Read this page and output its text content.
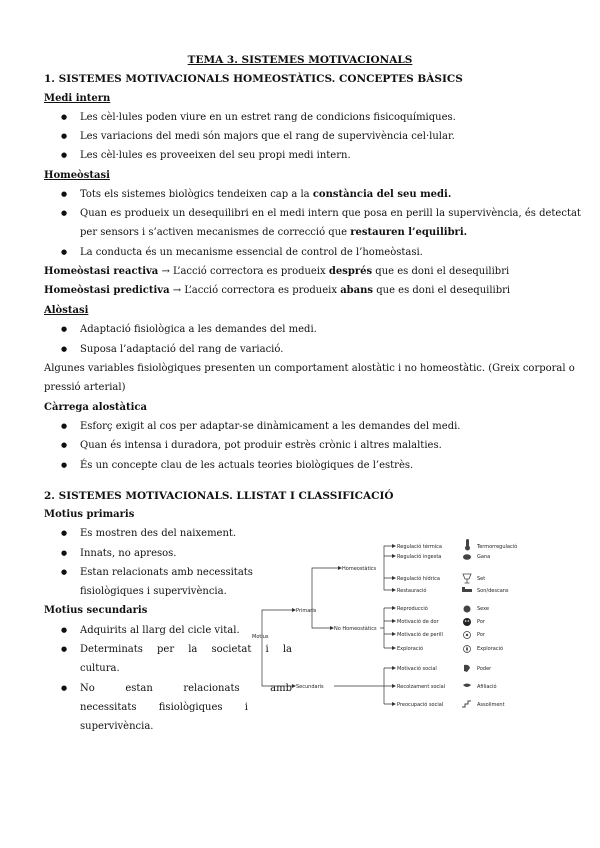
TEMA 3. SISTEMES MOTIVACIONALS
1. SISTEMES MOTIVACIONALS HOMEOSTÀTICS. CONCEPTES BÀSICS
Medi intern
● Les cèl·lules poden viure en un estret rang de condicions fisicoquímiques.
● Les variacions del medi són majors que el rang de supervivència cel·lular.
● Les cèl·lules es proveeixen del seu propi medi intern.
Homeòstasi
● Tots els sistemes biològics tendeixen cap a la constància del seu medi.
● Quan es produeix un desequilibri en el medi intern que posa en perill la supervivència, és detectat
per sensors i s’activen mecanismes de correcció que restauren l’equilibri.
● La conducta és un mecanisme essencial de control de l’homeòstasi.
Homeòstasi reactiva → L’acció correctora es produeix després que es doni el desequilibri
Homeòstasi predictiva → L’acció correctora es produeix abans que es doni el desequilibri
Alòstasi
● Adaptació fisiològica a les demandes del medi.
● Suposa l’adaptació del rang de variació.
Algunes variables fisiològiques presenten un comportament alostàtic i no homeostàtic. (Greix corporal o
pressió arterial)
Càrrega alostàtica
● Esforç exigit al cos per adaptar-se dinàmicament a les demandes del medi.
● Quan és intensa i duradora, pot produir estrès crònic i altres malalties.
● És un concepte clau de les actuals teories biològiques de l’estrès.
2. SISTEMES MOTIVACIONALS. LLISTAT I CLASSIFICACIÓ
Motius primaris
● Es mostren des del naixement.
● Innats, no apresos.
● Estan relacionats amb necessitats
fisiològiques i supervivència.
Motius secundaris
● Adquirits al llarg del cicle vital.
● Determinats per la societat i la
cultura.
● No estan relacionats amb
necessitats fisiològiques i
supervivència.
Motius
Primaris
Secundaris
Homeostàtics
No Homeostàtics
Regulació tèrmica
Regulació ingesta
Regulació hídrica
Restauració
Reproducció
Motivació de dor
Motivació de perill
Exploració
Motivació social
Recolzament social
Preocupació social
Termorregulació
Gana
Set
Son/descans
Sexe
Por
Por
Exploració
Poder
Afiliació
Assoliment
